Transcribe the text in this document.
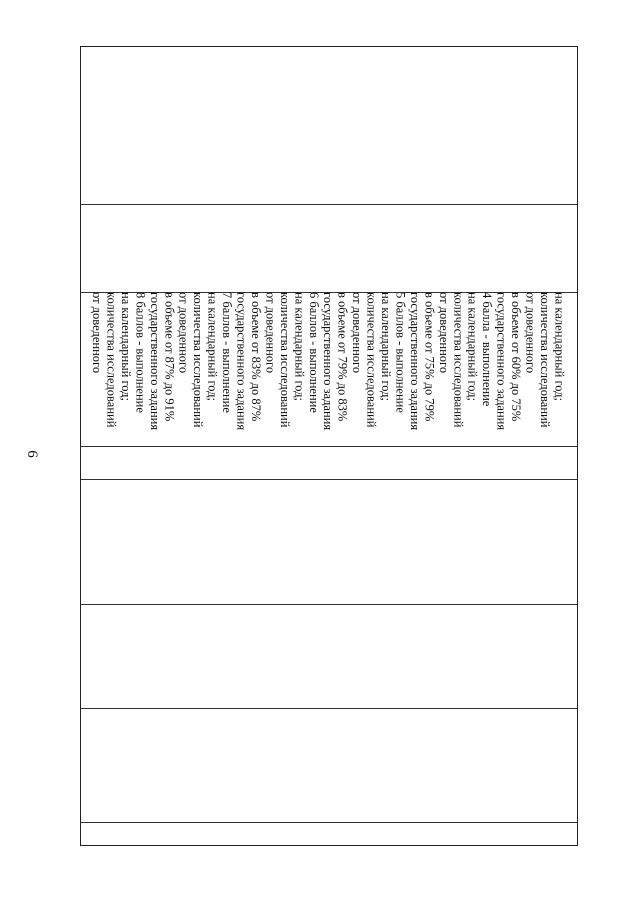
6
от доведенного количества исследований на календарный год; 8 баллов - выполнение государственного задания в объеме от 87% до 91% от доведенного количества исследований на календарный год; 7 баллов - выполнение государственного задания в объеме от 83% до 87% от доведенного количества исследований на календарный год; 6 баллов - выполнение государственного задания в объеме от 79% до 83% от доведенного количества исследований на календарный год; 5 баллов - выполнение государственного задания в объеме от 75% до 79% от доведенного количества исследований на календарный год; 4 балла - выполнение государственного задания в объеме от 60% до 75% от доведенного количества исследований на календарный год;
